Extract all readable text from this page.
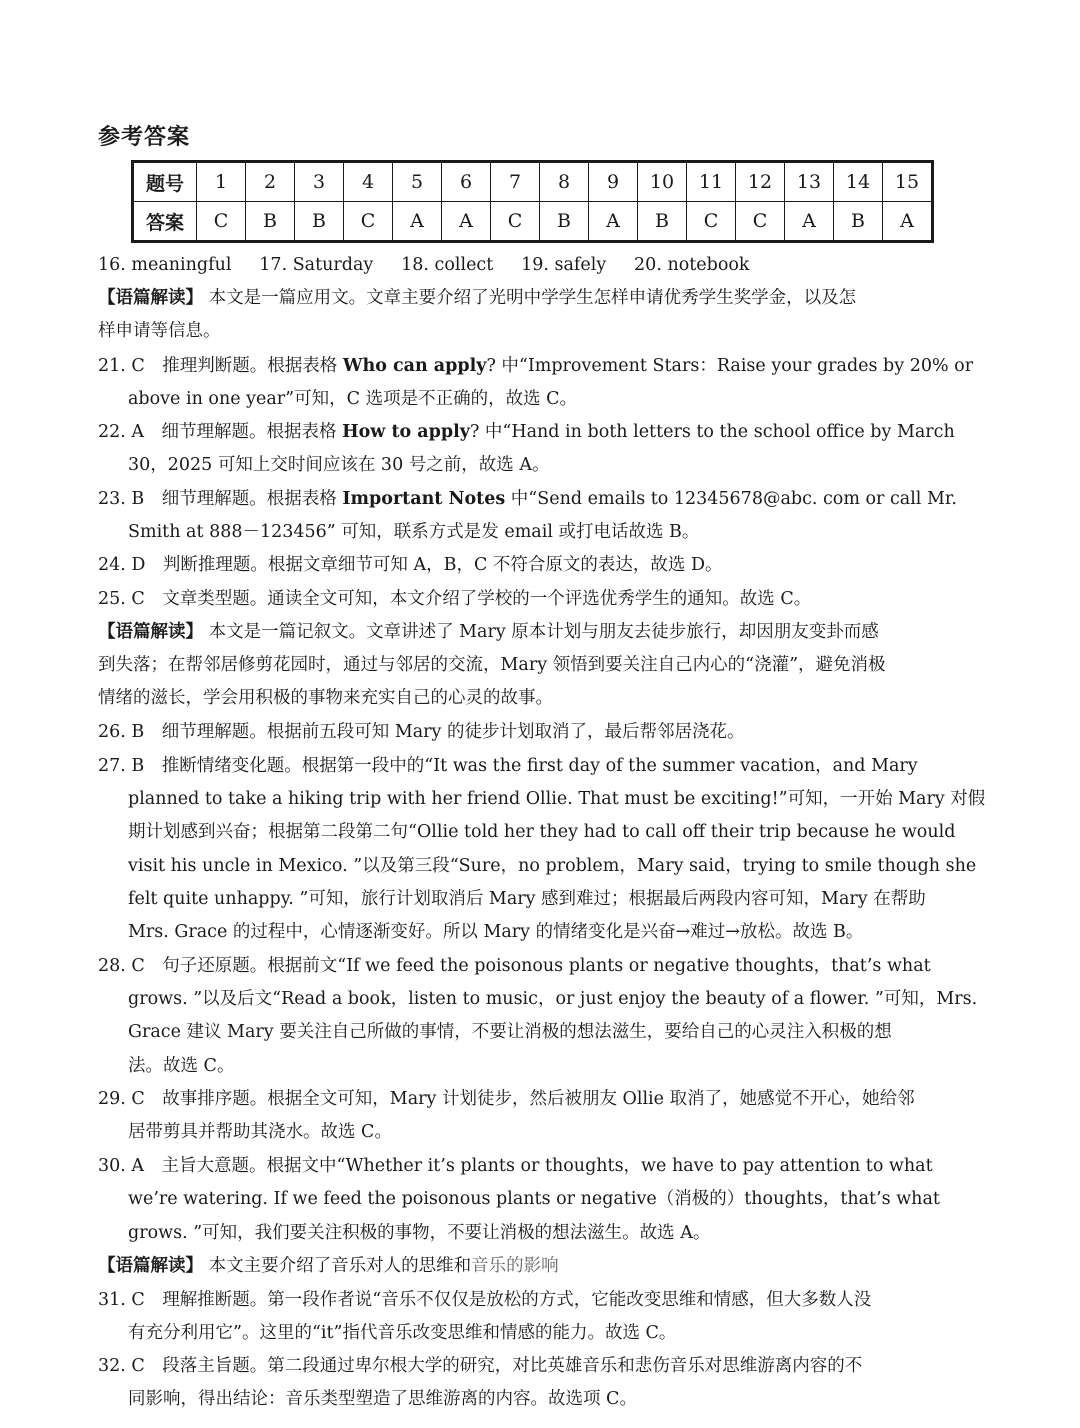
参考答案
题号	1	2	3	4	5	6	7	8	9	10	11	12	13	14	15
答案	C	B	B	C	A	A	C	B	A	B	C	C	A	B	A
16. meaningful 17. Saturday 18. collect 19. safely 20. notebook
【语篇解读】 本文是一篇应用文。文章主要介绍了光明中学学生怎样申请优秀学生奖学金，以及怎
样申请等信息。
21. C　推理判断题。根据表格 Who can apply? 中“Improvement Stars：Raise your grades by 20% or
above in one year”可知，C 选项是不正确的，故选 C。
22. A　细节理解题。根据表格 How to apply? 中“Hand in both letters to the school office by March
30，2025 可知上交时间应该在 30 号之前，故选 A。
23. B　细节理解题。根据表格 Important Notes 中“Send emails to 12345678@abc. com or call Mr.
Smith at 888－123456” 可知，联系方式是发 email 或打电话故选 B。
24. D　判断推理题。根据文章细节可知 A，B，C 不符合原文的表达，故选 D。
25. C　文章类型题。通读全文可知，本文介绍了学校的一个评选优秀学生的通知。故选 C。
【语篇解读】 本文是一篇记叙文。文章讲述了 Mary 原本计划与朋友去徒步旅行，却因朋友变卦而感
到失落；在帮邻居修剪花园时，通过与邻居的交流，Mary 领悟到要关注自己内心的“浇灌”，避免消极
情绪的滋长，学会用积极的事物来充实自己的心灵的故事。
26. B　细节理解题。根据前五段可知 Mary 的徒步计划取消了，最后帮邻居浇花。
27. B　推断情绪变化题。根据第一段中的“It was the first day of the summer vacation，and Mary
planned to take a hiking trip with her friend Ollie. That must be exciting!”可知，一开始 Mary 对假
期计划感到兴奋；根据第二段第二句“Ollie told her they had to call off their trip because he would
visit his uncle in Mexico. ”以及第三段“Sure，no problem，Mary said，trying to smile though she
felt quite unhappy. ”可知，旅行计划取消后 Mary 感到难过；根据最后两段内容可知，Mary 在帮助
Mrs. Grace 的过程中，心情逐渐变好。所以 Mary 的情绪变化是兴奋→难过→放松。故选 B。
28. C　句子还原题。根据前文“If we feed the poisonous plants or negative thoughts，that’s what
grows. ”以及后文“Read a book，listen to music，or just enjoy the beauty of a flower. ”可知，Mrs.
Grace 建议 Mary 要关注自己所做的事情，不要让消极的想法滋生，要给自己的心灵注入积极的想
法。故选 C。
29. C　故事排序题。根据全文可知，Mary 计划徒步，然后被朋友 Ollie 取消了，她感觉不开心，她给邻
居带剪具并帮助其浇水。故选 C。
30. A　主旨大意题。根据文中“Whether it’s plants or thoughts，we have to pay attention to what
we’re watering. If we feed the poisonous plants or negative（消极的）thoughts，that’s what
grows. ”可知，我们要关注积极的事物，不要让消极的想法滋生。故选 A。
【语篇解读】 本文主要介绍了音乐对人的思维和音乐的影响
31. C　理解推断题。第一段作者说“音乐不仅仅是放松的方式，它能改变思维和情感，但大多数人没
有充分利用它”。这里的“it”指代音乐改变思维和情感的能力。故选 C。
32. C　段落主旨题。第二段通过卑尔根大学的研究，对比英雄音乐和悲伤音乐对思维游离内容的不
同影响，得出结论：音乐类型塑造了思维游离的内容。故选项 C。
